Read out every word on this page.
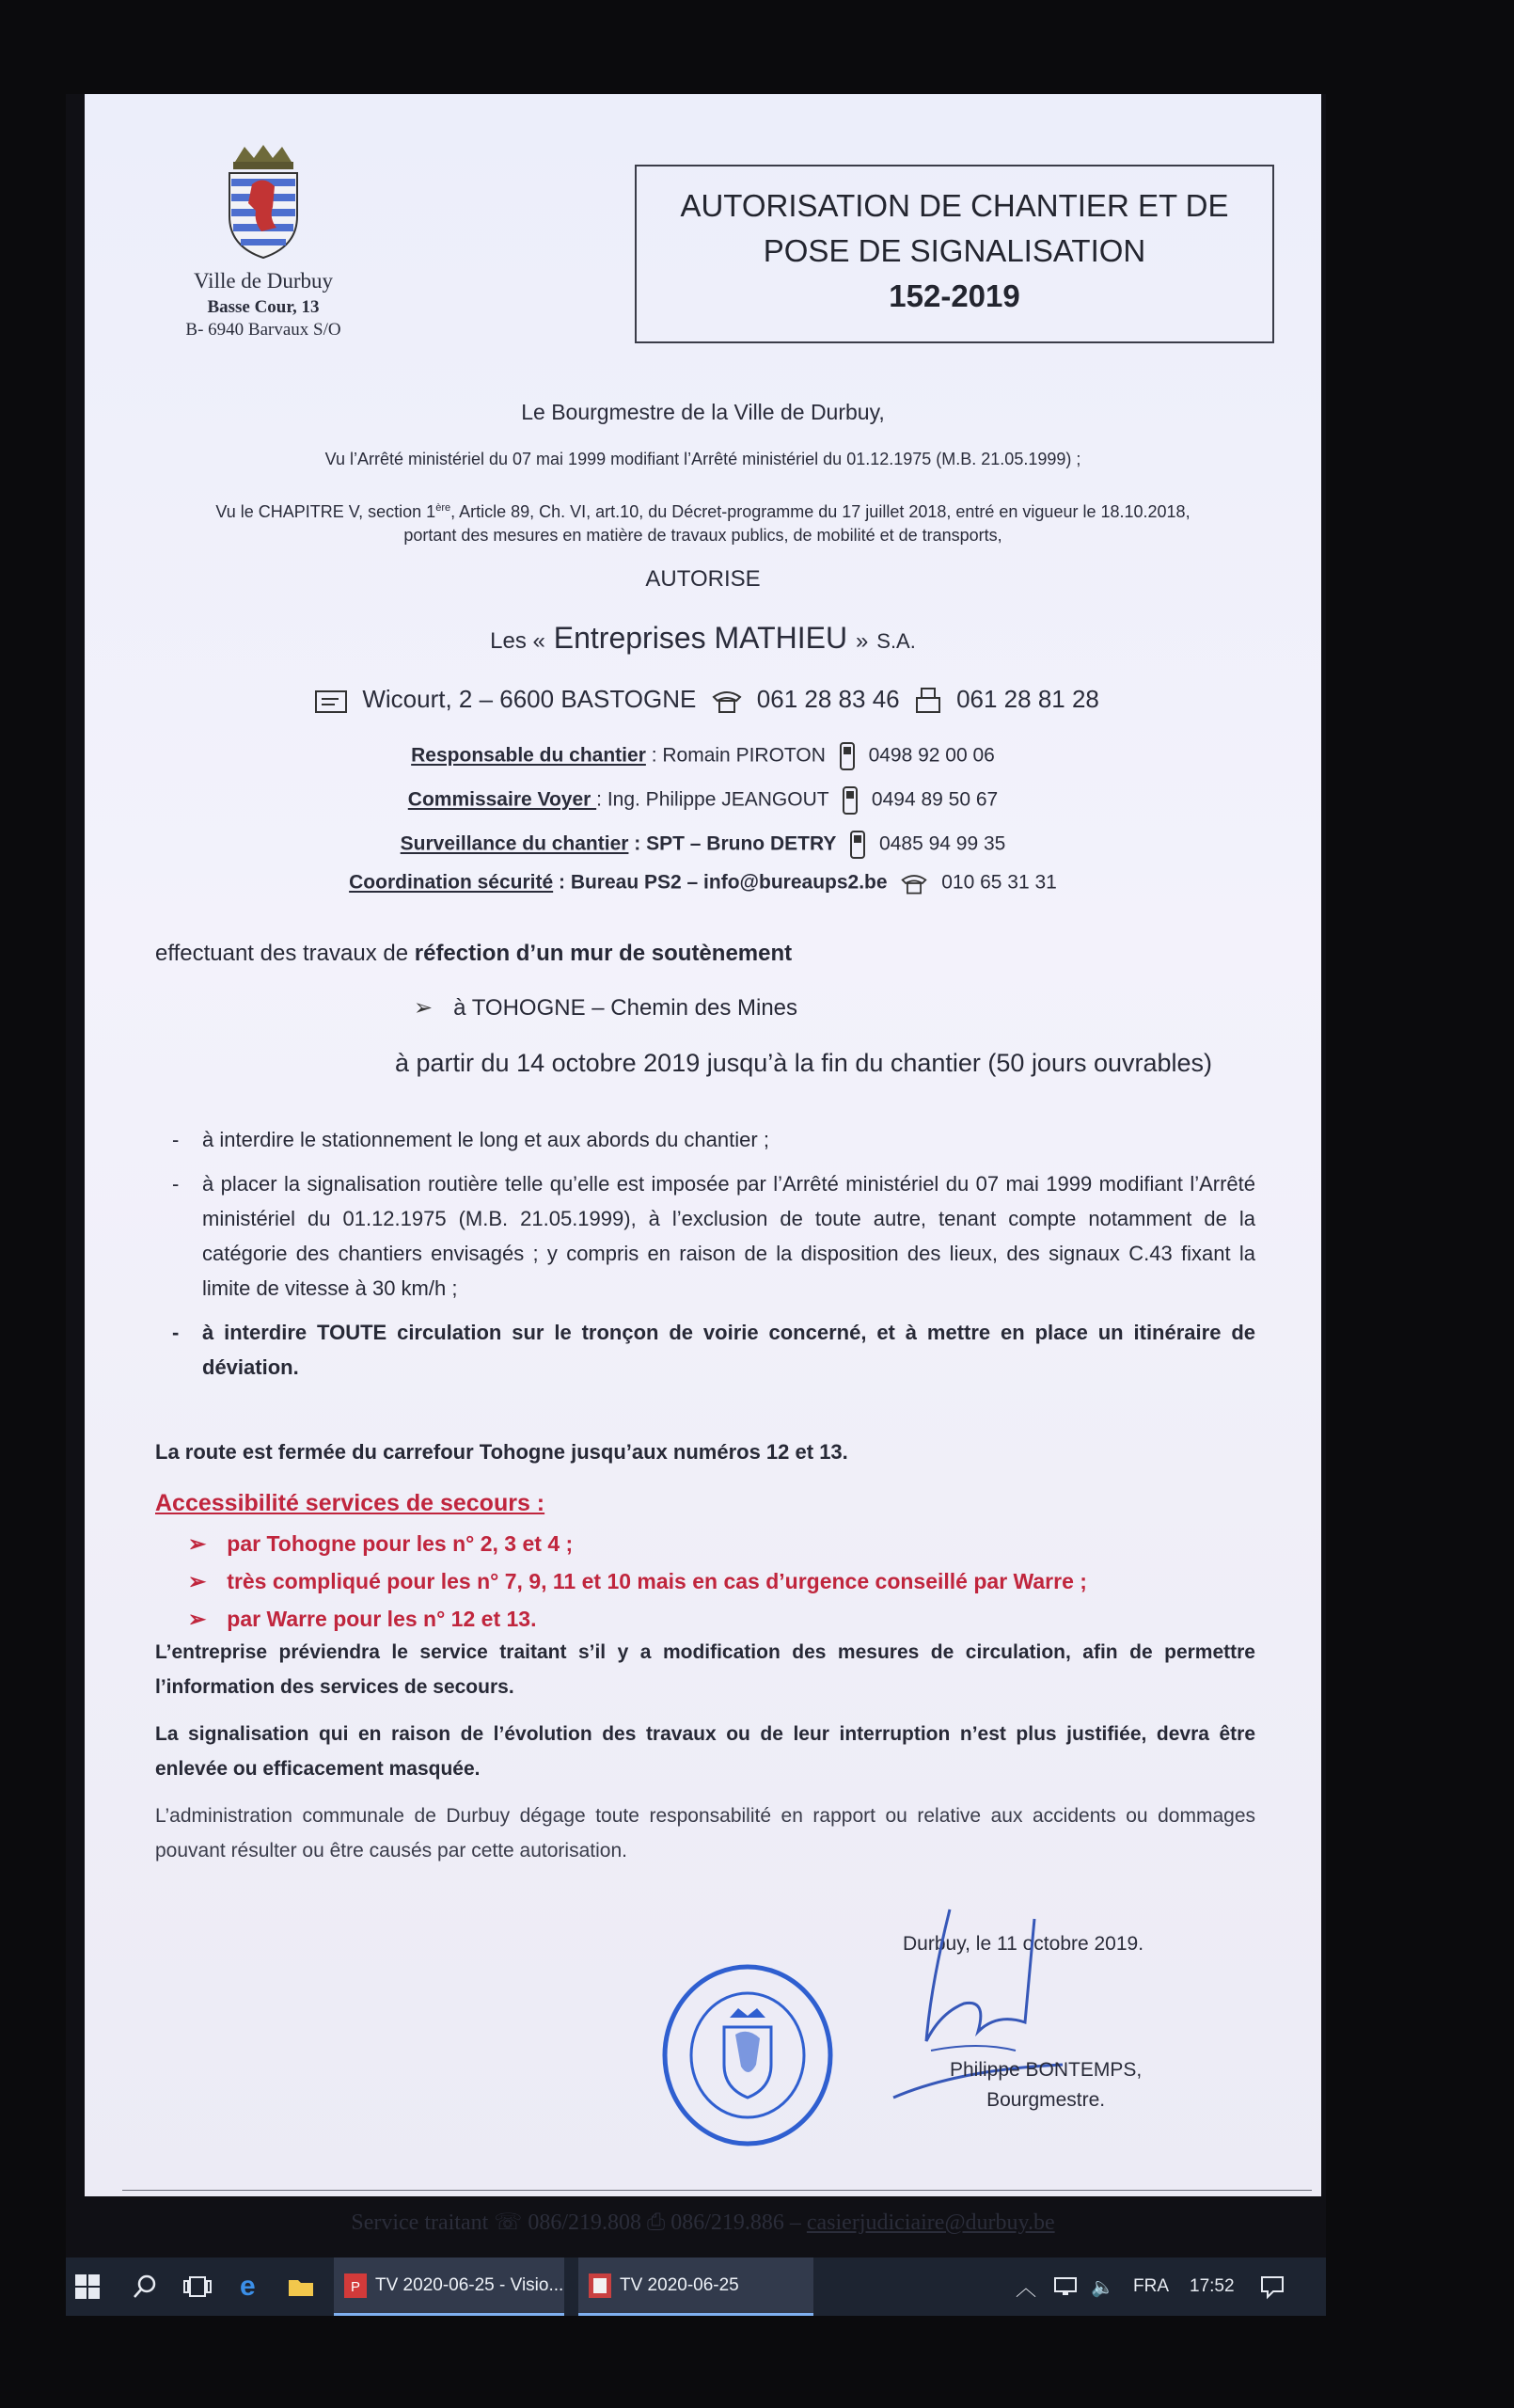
Ville de Durbuy
Basse Cour, 13
B- 6940 Barvaux S/O
AUTORISATION DE CHANTIER ET DE
POSE DE SIGNALISATION
152-2019
Le Bourgmestre de la Ville de Durbuy,
Vu l’Arrêté ministériel du 07 mai 1999 modifiant l’Arrêté ministériel du 01.12.1975 (M.B. 21.05.1999) ;
Vu le CHAPITRE V, section 1ère, Article 89, Ch. VI, art.10, du Décret-programme du 17 juillet 2018, entré en vigueur le 18.10.2018,
portant des mesures en matière de travaux publics, de mobilité et de transports,
AUTORISE
Les « Entreprises MATHIEU » S.A.
Wicourt, 2 – 6600 BASTOGNE 061 28 83 46 061 28 81 28
Responsable du chantier : Romain PIROTON 0498 92 00 06
Commissaire Voyer : Ing. Philippe JEANGOUT 0494 89 50 67
Surveillance du chantier : SPT – Bruno DETRY 0485 94 99 35
Coordination sécurité : Bureau PS2 – info@bureaups2.be	010 65 31 31
effectuant des travaux de réfection d’un mur de soutènement
➢ à TOHOGNE – Chemin des Mines
à partir du 14 octobre 2019 jusqu’à la fin du chantier (50 jours ouvrables)
- à interdire le stationnement le long et aux abords du chantier ;
- à placer la signalisation routière telle qu’elle est imposée par l’Arrêté ministériel du 07 mai 1999 modifiant l’Arrêté ministériel du 01.12.1975 (M.B. 21.05.1999), à l’exclusion de toute autre, tenant compte notamment de la catégorie des chantiers envisagés ; y compris en raison de la disposition des lieux, des signaux C.43 fixant la limite de vitesse à 30 km/h ;
- à interdire TOUTE circulation sur le tronçon de voirie concerné, et à mettre en place un itinéraire de déviation.
La route est fermée du carrefour Tohogne jusqu’aux numéros 12 et 13.
Accessibilité services de secours :
➢ par Tohogne pour les n° 2, 3 et 4 ;
➢ très compliqué pour les n° 7, 9, 11 et 10 mais en cas d’urgence conseillé par Warre ;
➢ par Warre pour les n° 12 et 13.
L’entreprise préviendra le service traitant s’il y a modification des mesures de circulation, afin de permettre l’information des services de secours.
La signalisation qui en raison de l’évolution des travaux ou de leur interruption n’est plus justifiée, devra être enlevée ou efficacement masquée.
L’administration communale de Durbuy dégage toute responsabilité en rapport ou relative aux accidents ou dommages pouvant résulter ou être causés par cette autorisation.
Durbuy, le 11 octobre 2019.
Philippe BONTEMPS,
Bourgmestre.
Service traitant ☏ 086/219.808 ⎙ 086/219.886 – casierjudiciaire@durbuy.be
e	P TV 2020-06-25 - Visio...	TV 2020-06-25	︿	🔈 FRA 17:52
